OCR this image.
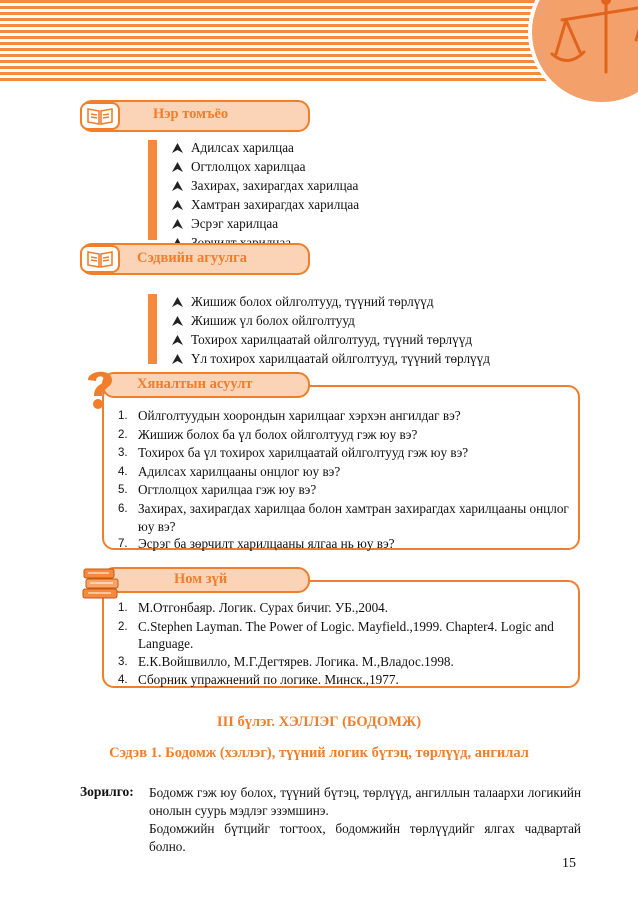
Нэр томъёо
Адилсах харилцаа
Огтлолцох харилцаа
Захирах, захирагдах харилцаа
Хамтран захирагдах харилцаа
Эсрэг харилцаа
Сэдвийн агуулга
Жишиж болох ойлголтууд, түүний төрлүүд
Жишиж үл болох ойлголтууд
Тохирох харилцаатай ойлголтууд, түүний төрлүүд
Үл тохирох харилцаатай ойлголтууд, түүний төрлүүд
Хяналтын асуулт
1. Ойлголтуудын хоорондын харилцааг хэрхэн ангилдаг вэ?
2. Жишиж болох ба үл болох ойлголтууд гэж юу вэ?
3. Тохирох ба үл тохирох харилцаатай ойлголтууд гэж юу вэ?
4. Адилсах харилцааны онцлог юу вэ?
5. Огтлолцох харилцаа гэж юу вэ?
6. Захирах, захирагдах харилцаа болон хамтран захирагдах харилцааны онцлог юу вэ?
7. Эсрэг ба зөрчилт харилцааны ялгаа нь юу вэ?
Ном зүй
1. М.Отгонбаяр. Логик. Сурах бичиг. УБ.,2004.
2. C.Stephen Layman. The Power of Logic. Mayfield.,1999. Chapter4. Logic and Language.
3. Е.К.Войшвилло, М.Г.Дегтярев. Логика. М.,Владос.1998.
4. Сборник упражнений по логике. Минск.,1977.
III бүлэг. ХЭЛЛЭГ (БОДОМЖ)
Сэдэв 1. Бодомж (хэллэг), түүний логик бүтэц, төрлүүд, ангилал
Зорилго: Бодомж гэж юу болох, түүний бүтэц, төрлүүд, ангиллын талаархи логикийн онолын суурь мэдлэг эзэмшинэ.
Бодомжийн бүтцийг тогтоох, бодомжийн төрлүүдийг ялгах чадвартай болно.
15
